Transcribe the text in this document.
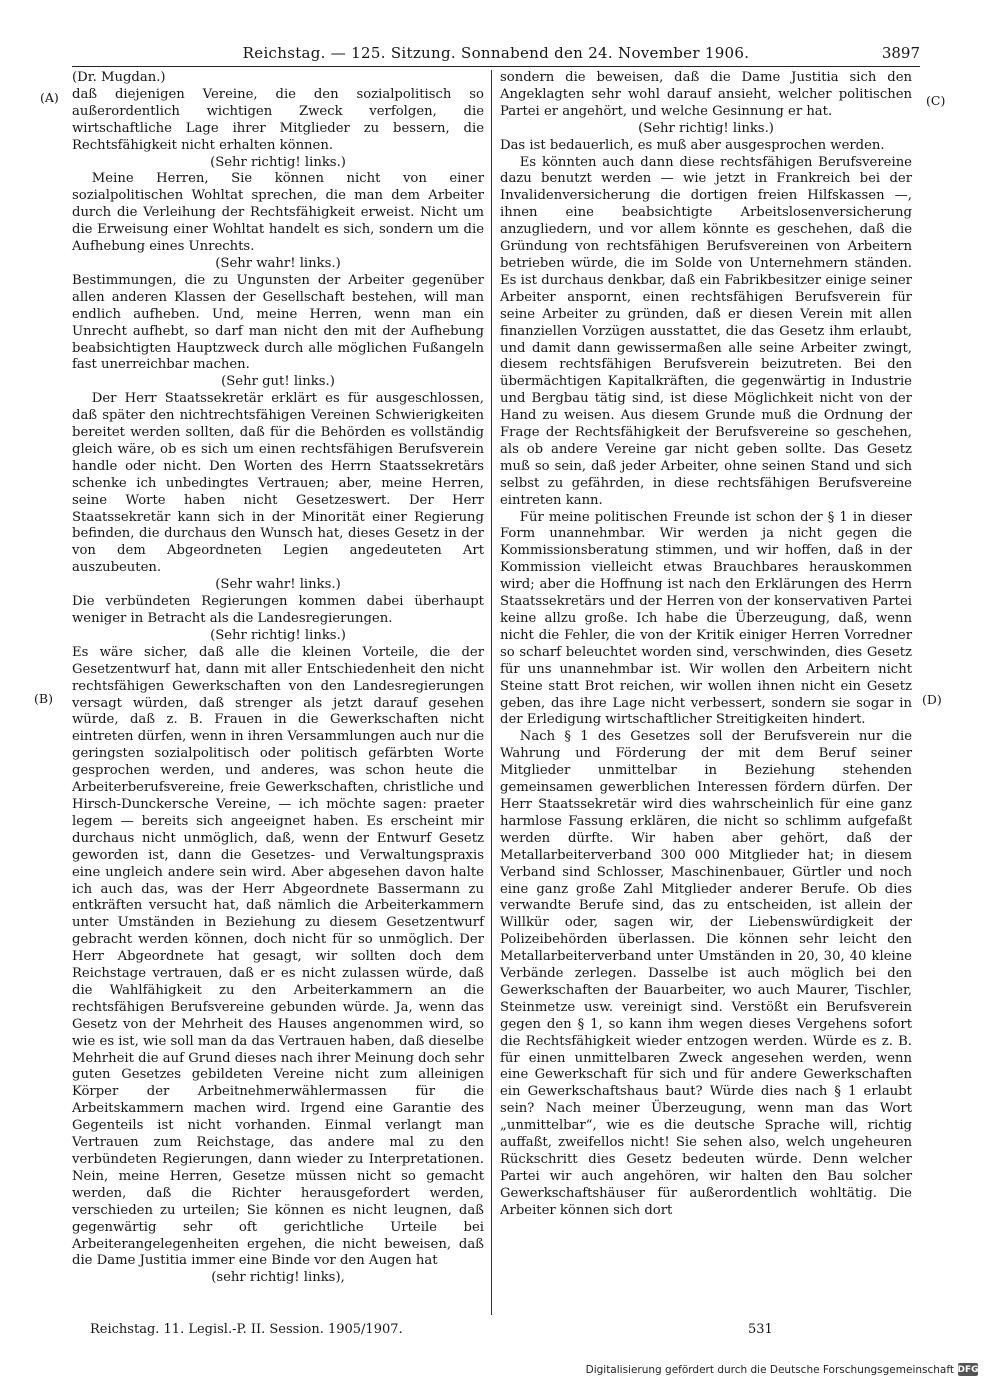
Reichstag. — 125. Sitzung. Sonnabend den 24. November 1906.	3897
(A)
(B)
(C)
(D)

(Dr. Mugdan.)

daß diejenigen Vereine, die den sozialpolitisch so außerordentlich wichtigen Zweck verfolgen, die wirtschaftliche Lage ihrer Mitglieder zu bessern, die Rechtsfähigkeit nicht erhalten können.

(Sehr richtig! links.)

Meine Herren, Sie können nicht von einer sozialpolitischen Wohltat sprechen, die man dem Arbeiter durch die Verleihung der Rechtsfähigkeit erweist. Nicht um die Erweisung einer Wohltat handelt es sich, sondern um die Aufhebung eines Unrechts.

(Sehr wahr! links.)

Bestimmungen, die zu Ungunsten der Arbeiter gegenüber allen anderen Klassen der Gesellschaft bestehen, will man endlich aufheben. Und, meine Herren, wenn man ein Unrecht aufhebt, so darf man nicht den mit der Aufhebung beabsichtigten Hauptzweck durch alle möglichen Fußangeln fast unerreichbar machen.

(Sehr gut! links.)

Der Herr Staatssekretär erklärt es für ausgeschlossen, daß später den nichtrechtsfähigen Vereinen Schwierigkeiten bereitet werden sollten, daß für die Behörden es vollständig gleich wäre, ob es sich um einen rechtsfähigen Berufsverein handle oder nicht. Den Worten des Herrn Staatssekretärs schenke ich unbedingtes Vertrauen; aber, meine Herren, seine Worte haben nicht Gesetzeswert. Der Herr Staatssekretär kann sich in der Minorität einer Regierung befinden, die durchaus den Wunsch hat, dieses Gesetz in der von dem Abgeordneten Legien angedeuteten Art auszubeuten.

(Sehr wahr! links.)

Die verbündeten Regierungen kommen dabei überhaupt weniger in Betracht als die Landesregierungen.

(Sehr richtig! links.)

Es wäre sicher, daß alle die kleinen Vorteile, die der Gesetzentwurf hat, dann mit aller Entschiedenheit den nicht rechtsfähigen Gewerkschaften von den Landesregierungen versagt würden, daß strenger als jetzt darauf gesehen würde, daß z. B. Frauen in die Gewerkschaften nicht eintreten dürfen, wenn in ihren Versammlungen auch nur die geringsten sozialpolitisch oder politisch gefärbten Worte gesprochen werden, und anderes, was schon heute die Arbeiterberufsvereine, freie Gewerkschaften, christliche und Hirsch-Dunckersche Vereine, — ich möchte sagen: praeter legem — bereits sich angeeignet haben. Es erscheint mir durchaus nicht unmöglich, daß, wenn der Entwurf Gesetz geworden ist, dann die Gesetzes- und Verwaltungspraxis eine ungleich andere sein wird. Aber abgesehen davon halte ich auch das, was der Herr Abgeordnete Bassermann zu entkräften versucht hat, daß nämlich die Arbeiterkammern unter Umständen in Beziehung zu diesem Gesetzentwurf gebracht werden können, doch nicht für so unmöglich. Der Herr Abgeordnete hat gesagt, wir sollten doch dem Reichstage vertrauen, daß er es nicht zulassen würde, daß die Wahlfähigkeit zu den Arbeiterkammern an die rechtsfähigen Berufsvereine gebunden würde. Ja, wenn das Gesetz von der Mehrheit des Hauses angenommen wird, so wie es ist, wie soll man da das Vertrauen haben, daß dieselbe Mehrheit die auf Grund dieses nach ihrer Meinung doch sehr guten Gesetzes gebildeten Vereine nicht zum alleinigen Körper der Arbeitnehmerwählermassen für die Arbeitskammern machen wird. Irgend eine Garantie des Gegenteils ist nicht vorhanden. Einmal verlangt man Vertrauen zum Reichstage, das andere mal zu den verbündeten Regierungen, dann wieder zu Interpretationen. Nein, meine Herren, Gesetze müssen nicht so gemacht werden, daß die Richter herausgefordert werden, verschieden zu urteilen; Sie können es nicht leugnen, daß gegenwärtig sehr oft gerichtliche Urteile bei Arbeiterangelegenheiten ergehen, die nicht beweisen, daß die Dame Justitia immer eine Binde vor den Augen hat

(sehr richtig! links),

sondern die beweisen, daß die Dame Justitia sich den Angeklagten sehr wohl darauf ansieht, welcher politischen Partei er angehört, und welche Gesinnung er hat.

(Sehr richtig! links.)

Das ist bedauerlich, es muß aber ausgesprochen werden.

Es könnten auch dann diese rechtsfähigen Berufsvereine dazu benutzt werden — wie jetzt in Frankreich bei der Invalidenversicherung die dortigen freien Hilfskassen —, ihnen eine beabsichtigte Arbeitslosenversicherung anzugliedern, und vor allem könnte es geschehen, daß die Gründung von rechtsfähigen Berufsvereinen von Arbeitern betrieben würde, die im Solde von Unternehmern ständen. Es ist durchaus denkbar, daß ein Fabrikbesitzer einige seiner Arbeiter anspornt, einen rechtsfähigen Berufsverein für seine Arbeiter zu gründen, daß er diesen Verein mit allen finanziellen Vorzügen ausstattet, die das Gesetz ihm erlaubt, und damit dann gewissermaßen alle seine Arbeiter zwingt, diesem rechtsfähigen Berufsverein beizutreten. Bei den übermächtigen Kapitalkräften, die gegenwärtig in Industrie und Bergbau tätig sind, ist diese Möglichkeit nicht von der Hand zu weisen. Aus diesem Grunde muß die Ordnung der Frage der Rechtsfähigkeit der Berufsvereine so geschehen, als ob andere Vereine gar nicht geben sollte. Das Gesetz muß so sein, daß jeder Arbeiter, ohne seinen Stand und sich selbst zu gefährden, in diese rechtsfähigen Berufsvereine eintreten kann.

Für meine politischen Freunde ist schon der § 1 in dieser Form unannehmbar. Wir werden ja nicht gegen die Kommissionsberatung stimmen, und wir hoffen, daß in der Kommission vielleicht etwas Brauchbares herauskommen wird; aber die Hoffnung ist nach den Erklärungen des Herrn Staatssekretärs und der Herren von der konservativen Partei keine allzu große. Ich habe die Überzeugung, daß, wenn nicht die Fehler, die von der Kritik einiger Herren Vorredner so scharf beleuchtet worden sind, verschwinden, dies Gesetz für uns unannehmbar ist. Wir wollen den Arbeitern nicht Steine statt Brot reichen, wir wollen ihnen nicht ein Gesetz geben, das ihre Lage nicht verbessert, sondern sie sogar in der Erledigung wirtschaftlicher Streitigkeiten hindert.

Nach § 1 des Gesetzes soll der Berufsverein nur die Wahrung und Förderung der mit dem Beruf seiner Mitglieder unmittelbar in Beziehung stehenden gemeinsamen gewerblichen Interessen fördern dürfen. Der Herr Staatssekretär wird dies wahrscheinlich für eine ganz harmlose Fassung erklären, die nicht so schlimm aufgefaßt werden dürfte. Wir haben aber gehört, daß der Metallarbeiterverband 300 000 Mitglieder hat; in diesem Verband sind Schlosser, Maschinenbauer, Gürtler und noch eine ganz große Zahl Mitglieder anderer Berufe. Ob dies verwandte Berufe sind, das zu entscheiden, ist allein der Willkür oder, sagen wir, der Liebenswürdigkeit der Polizeibehörden überlassen. Die können sehr leicht den Metallarbeiterverband unter Umständen in 20, 30, 40 kleine Verbände zerlegen. Dasselbe ist auch möglich bei den Gewerkschaften der Bauarbeiter, wo auch Maurer, Tischler, Steinmetze usw. vereinigt sind. Verstößt ein Berufsverein gegen den § 1, so kann ihm wegen dieses Vergehens sofort die Rechtsfähigkeit wieder entzogen werden. Würde es z. B. für einen unmittelbaren Zweck angesehen werden, wenn eine Gewerkschaft für sich und für andere Gewerkschaften ein Gewerkschaftshaus baut? Würde dies nach § 1 erlaubt sein? Nach meiner Überzeugung, wenn man das Wort „unmittelbar“, wie es die deutsche Sprache will, richtig auffaßt, zweifellos nicht! Sie sehen also, welch ungeheuren Rückschritt dies Gesetz bedeuten würde. Denn welcher Partei wir auch angehören, wir halten den Bau solcher Gewerkschaftshäuser für außerordentlich wohltätig. Die Arbeiter können sich dort

Reichstag. 11. Legisl.-P. II. Session. 1905/1907.	531
Digitalisierung gefördert durch die Deutsche Forschungsgemeinschaft DFG
